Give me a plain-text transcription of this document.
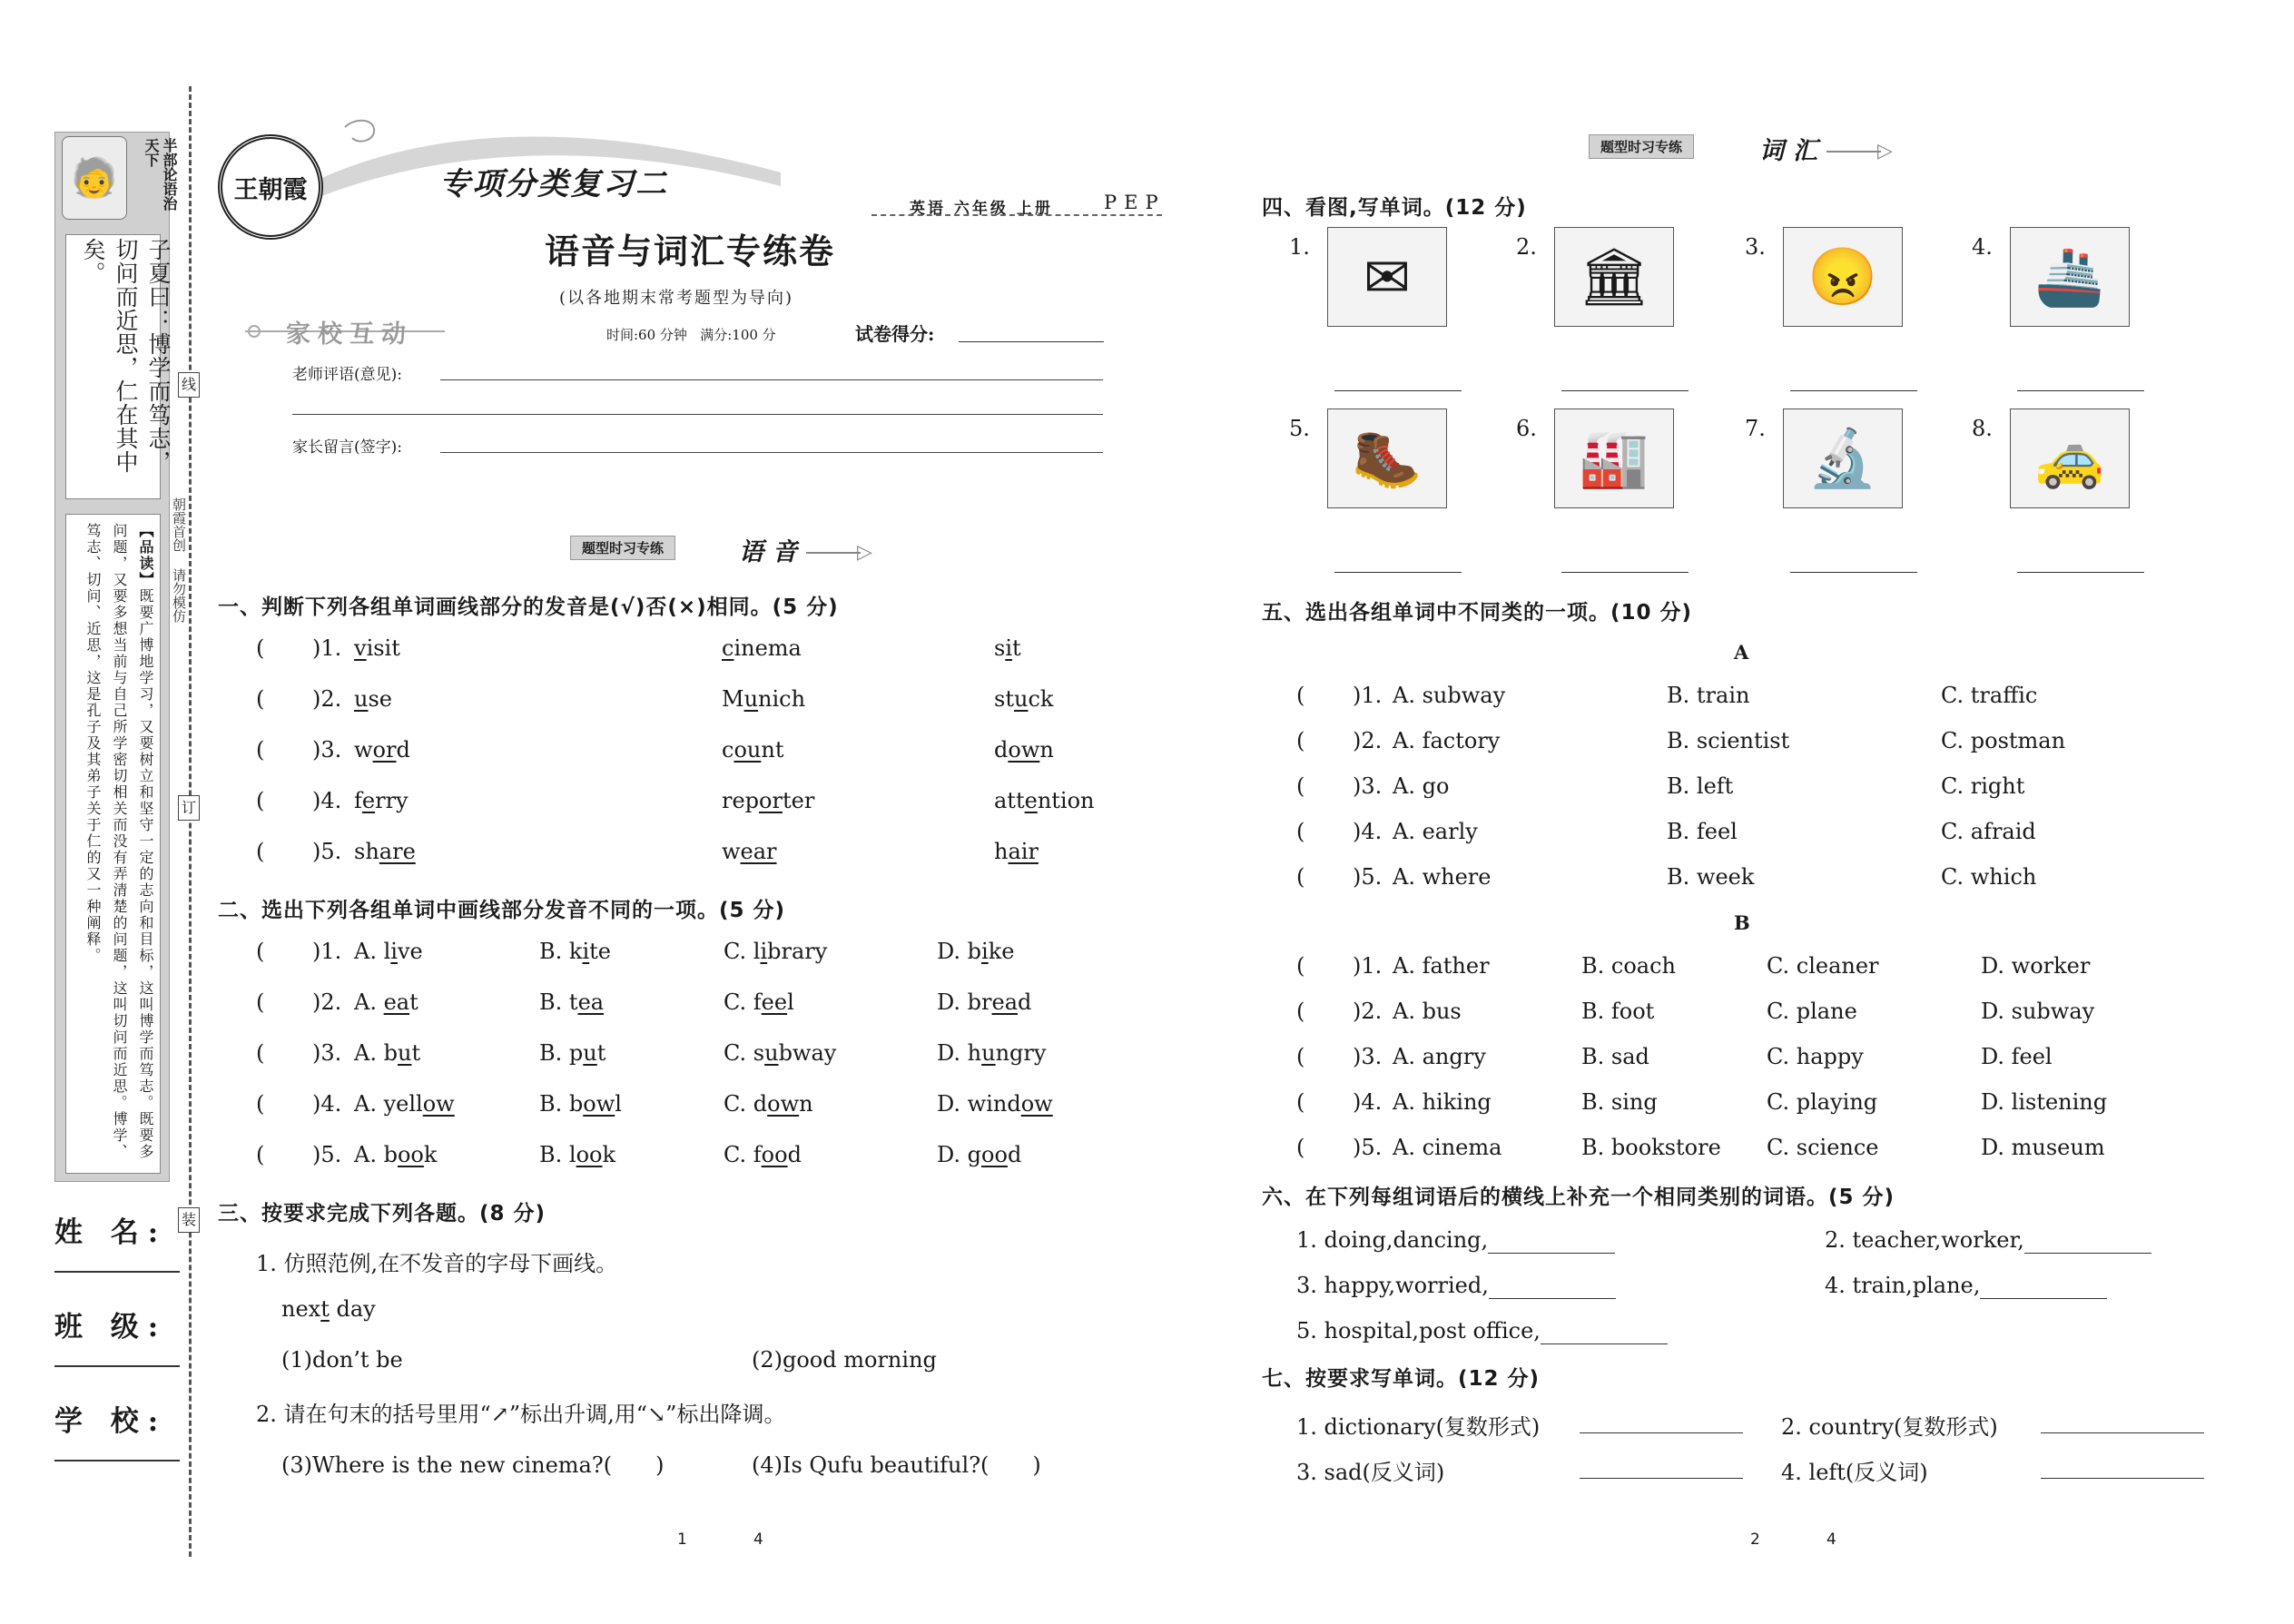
🧓	半部论语治天下
子夏曰：博学而笃志，切问而近思，仁在其中矣。
【品读】既要广博地学习，又要树立和坚守一定的志向和目标，这叫博学而笃志。既要多问题，又要多想当前与自己所学密切相关而没有弄清楚的问题，这叫切问而近思。博学、笃志、切问、近思，这是孔子及其弟子关于仁的又一种阐释。
姓 名:
班 级:
学 校:
线
订
装
朝霞首创 请勿模仿
王朝霞	专项分类复习二
语音与词汇专练卷
(以各地期末常考题型为导向)
英语 六年级 上册	PEP
时间:60 分钟 满分:100 分	试卷得分:
家校互动
老师评语(意见):
家长留言(签字):
题型时习专练	语音	▷
一、判断下列各组单词画线部分的发音是(√)否(×)相同。(5 分)
( )1. visit	cinema	sit
( )2. use	Munich	stuck
( )3. word	count	down
( )4. ferry	reporter	attention
( )5. share	wear	hair
二、选出下列各组单词中画线部分发音不同的一项。(5 分)
( )1. A. live	B. kite	C. library	D. bike
( )2. A. eat	B. tea	C. feel	D. bread
( )3. A. but	B. put	C. subway	D. hungry
( )4. A. yellow	B. bowl	C. down	D. window
( )5. A. book	B. look	C. food	D. good
三、按要求完成下列各题。(8 分)
1. 仿照范例,在不发音的字母下画线。
next day
(1)don’t be	(2)good morning
2. 请在句末的括号里用“↗”标出升调,用“↘”标出降调。
(3)Where is the new cinema?(　　)	(4)Is Qufu beautiful?(　　)
1	4
题型时习专练	词汇	▷
四、看图,写单词。(12 分)
1. ✉	2. 🏛	3. 😠	4. 🚢
5. 🥾	6. 🏭	7. 🔬	8. 🚕
五、选出各组单词中不同类的一项。(10 分)
A
( )1. A. subway	B. train	C. traffic
( )2. A. factory	B. scientist	C. postman
( )3. A. go	B. left	C. right
( )4. A. early	B. feel	C. afraid
( )5. A. where	B. week	C. which
B
( )1. A. father	B. coach	C. cleaner	D. worker
( )2. A. bus	B. foot	C. plane	D. subway
( )3. A. angry	B. sad	C. happy	D. feel
( )4. A. hiking	B. sing	C. playing	D. listening
( )5. A. cinema	B. bookstore C. science	D. museum
六、在下列每组词语后的横线上补充一个相同类别的词语。(5 分)
1. doing,dancing,	2. teacher,worker,
3. happy,worried,	4. train,plane,
5. hospital,post office,
七、按要求写单词。(12 分)
1. dictionary(复数形式)	2. country(复数形式)
3. sad(反义词)	4. left(反义词)
2	4
